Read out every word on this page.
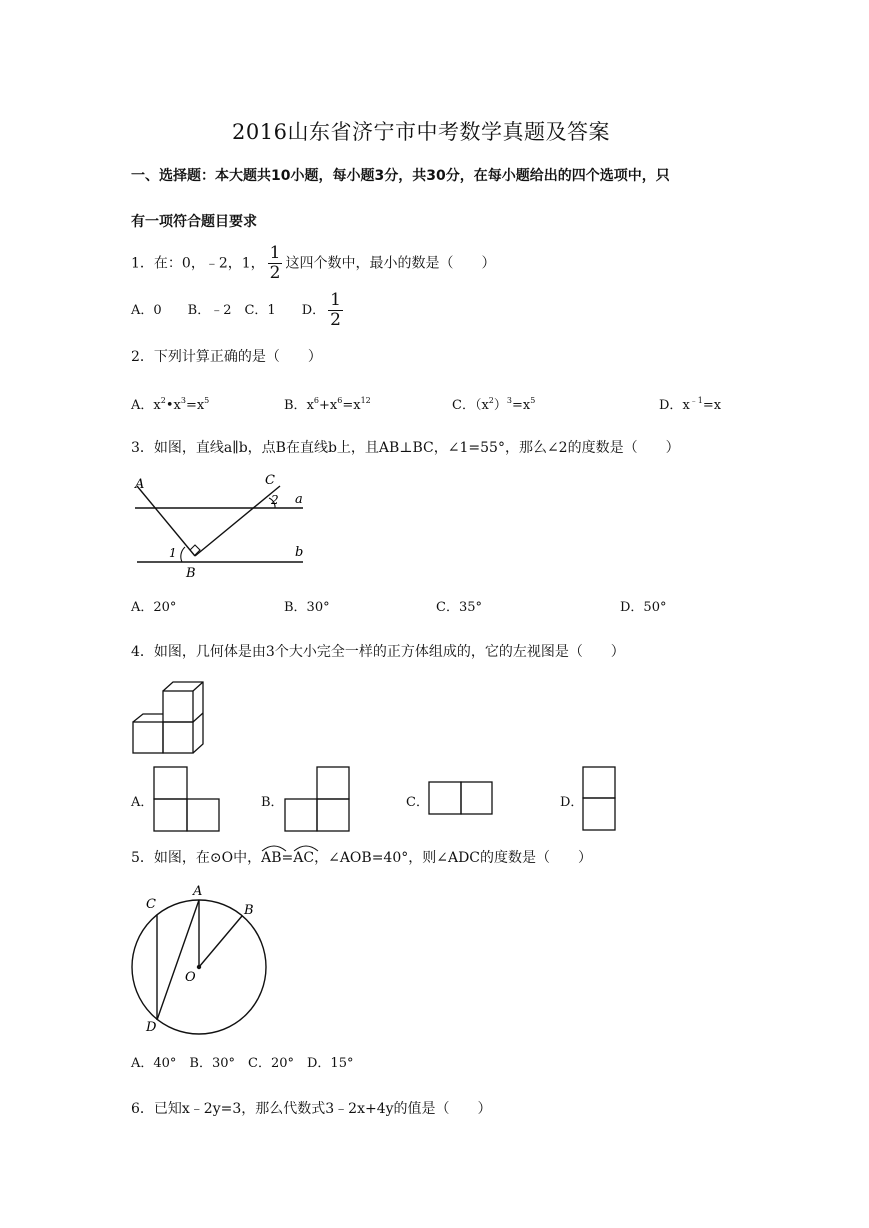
2016山东省济宁市中考数学真题及答案
一、选择题：本大题共10小题，每小题3分，共30分，在每小题给出的四个选项中，只
有一项符合题目要求
1．在：0，﹣2，1， $\frac{1}{2}$ 这四个数中，最小的数是（　　）
A．0　　B．﹣2　C．1　　D． $\frac{1}{2}$
2．下列计算正确的是（　　）
A．$x^2•x^3=x^5$	B．$x^6+x^6=x^{12}$	C．$(x^2)^3=x^5$	D．$x^{﹣1}=x$
3．如图，直线a∥b，点B在直线b上，且AB⊥BC，∠1=55°，那么∠2的度数是（　　）
A	C
2 a
1	b
B
A．20°	B．30°	C．35°	D．50°
4．如图，几何体是由3个大小完全一样的正方体组成的，它的左视图是（　　）
A．	B．	C．	D．
5．如图，在⊙O中，
AB=
AC，∠AOB=40°，则∠ADC的度数是（　　）
A
C	B
O
D
A．40°　B．30°　C．20°　D．15°
6．已知x﹣2y=3，那么代数式3﹣2x+4y的值是（　　）
